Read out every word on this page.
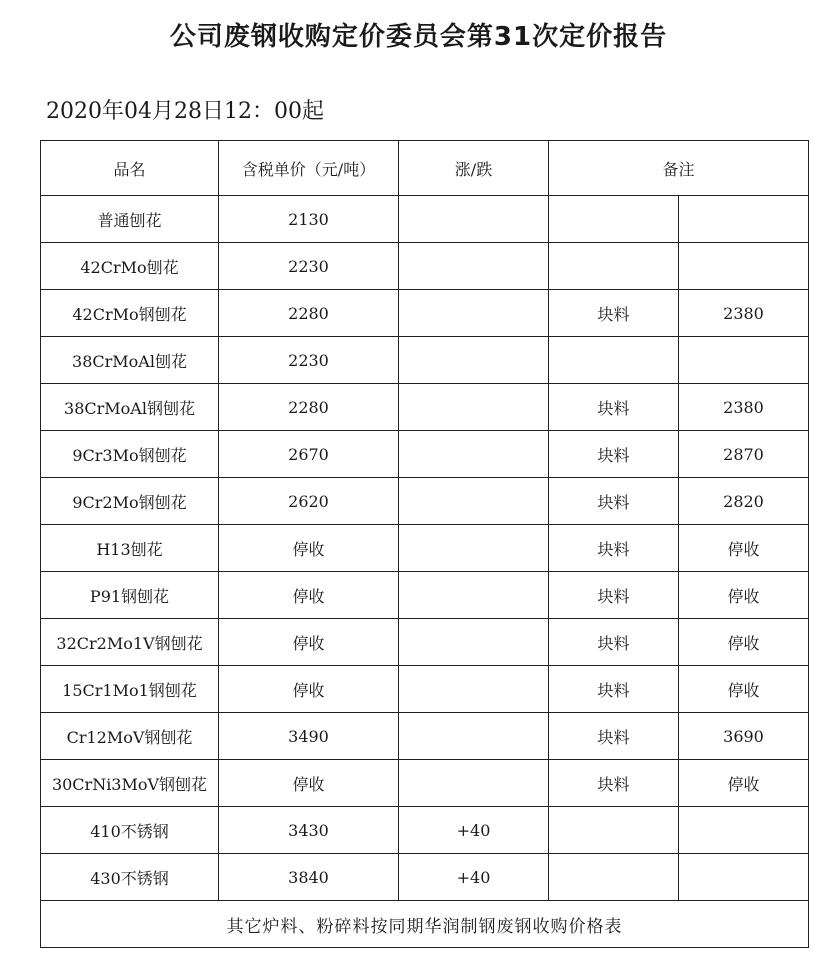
公司废钢收购定价委员会第31次定价报告
2020年04月28日12：00起
品名	含税单价（元/吨）	涨/跌	备注	
普通刨花	2130			
42CrMo刨花	2230			
42CrMo钢刨花	2280		块料	2380
38CrMoAl刨花	2230			
38CrMoAl钢刨花	2280		块料	2380
9Cr3Mo钢刨花	2670		块料	2870
9Cr2Mo钢刨花	2620		块料	2820
H13刨花	停收		块料	停收
P91钢刨花	停收		块料	停收
32Cr2Mo1V钢刨花	停收		块料	停收
15Cr1Mo1钢刨花	停收		块料	停收
Cr12MoV钢刨花	3490		块料	3690
30CrNi3MoV钢刨花	停收		块料	停收
410不锈钢	3430	+40		
430不锈钢	3840	+40		
其它炉料、粉碎料按同期华润制钢废钢收购价格表				
